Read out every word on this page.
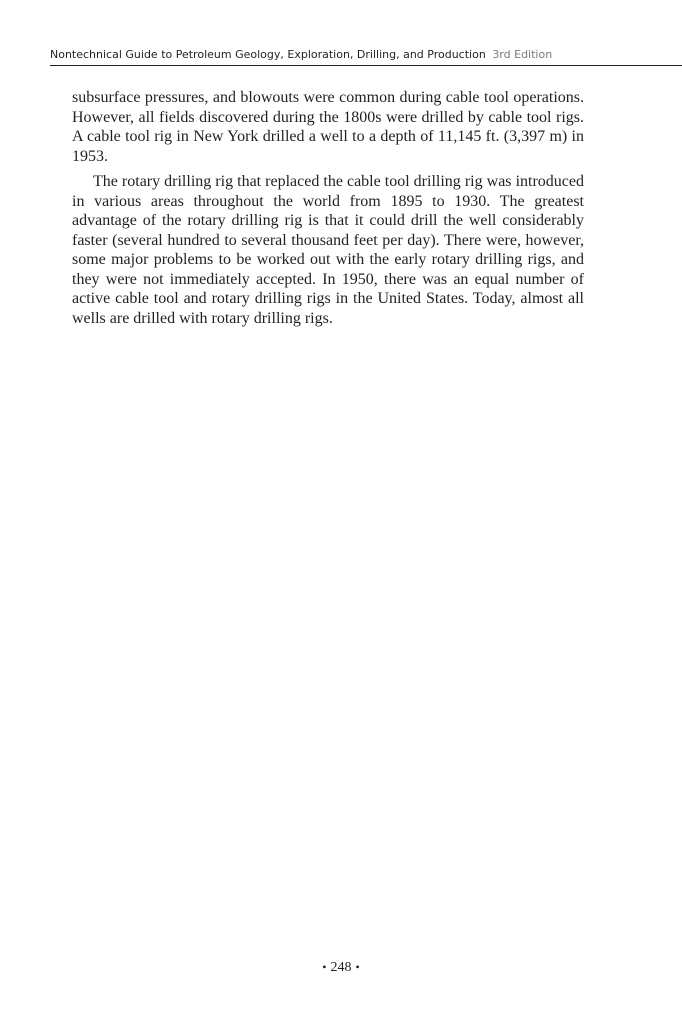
Nontechnical Guide to Petroleum Geology, Exploration, Drilling, and Production 3rd Edition

subsurface pressures, and blowouts were common during cable tool operations. However, all fields discovered during the 1800s were drilled by cable tool rigs. A cable tool rig in New York drilled a well to a depth of 11,145 ft. (3,397 m) in 1953.

The rotary drilling rig that replaced the cable tool drilling rig was introduced in various areas throughout the world from 1895 to 1930. The greatest advantage of the rotary drilling rig is that it could drill the well considerably faster (several hundred to several thousand feet per day). There were, however, some major problems to be worked out with the early rotary drilling rigs, and they were not immediately accepted. In 1950, there was an equal number of active cable tool and rotary drilling rigs in the United States. Today, almost all wells are drilled with rotary drilling rigs.

• 248 •
